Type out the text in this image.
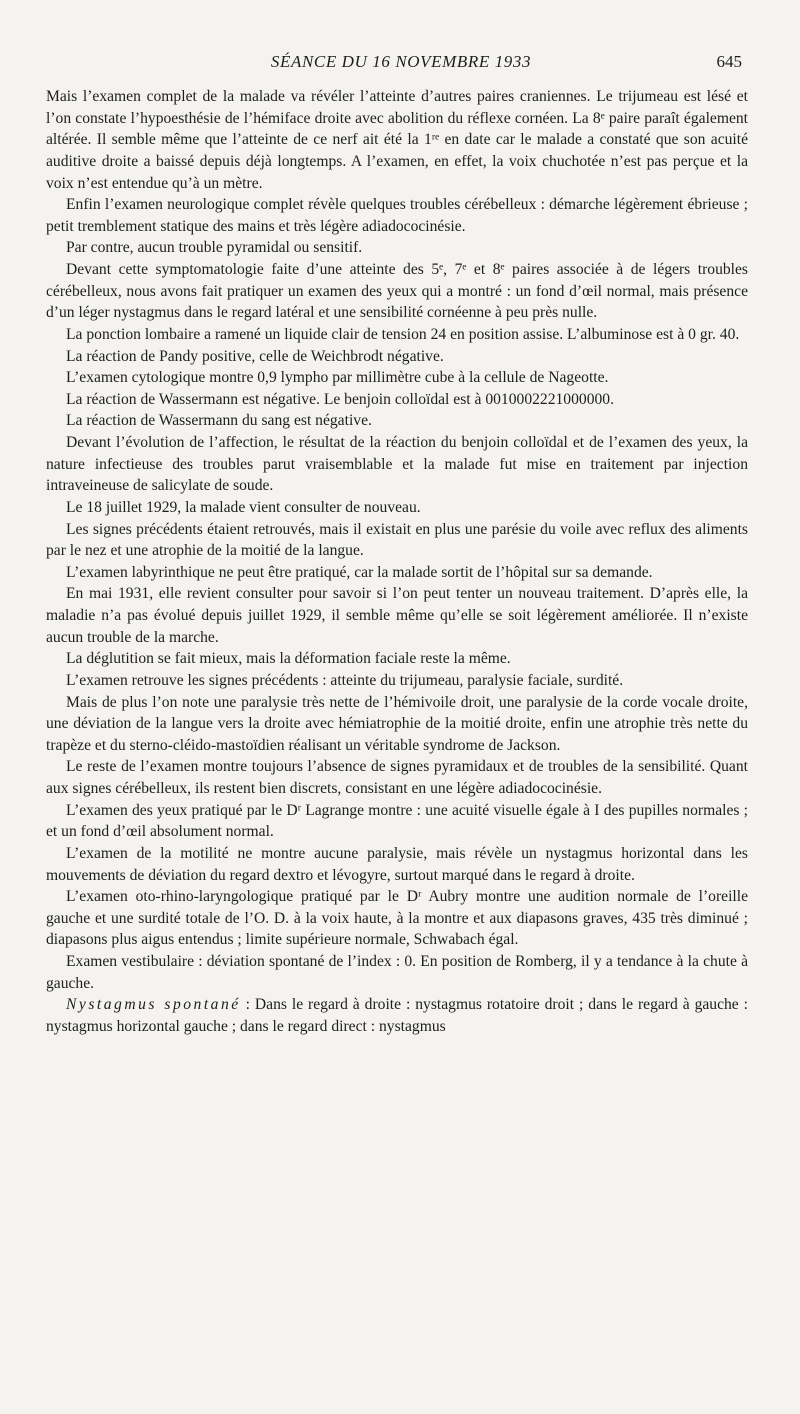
SÉANCE DU 16 NOVEMBRE 1933	645

Mais l’examen complet de la malade va révéler l’atteinte d’autres paires craniennes. Le trijumeau est lésé et l’on constate l’hypoesthésie de l’hémiface droite avec abolition du réflexe cornéen. La 8ᵉ paire paraît également altérée. Il semble même que l’atteinte de ce nerf ait été la 1ʳᵉ en date car le malade a constaté que son acuité auditive droite a baissé depuis déjà longtemps. A l’examen, en effet, la voix chuchotée n’est pas perçue et la voix n’est entendue qu’à un mètre.

Enfin l’examen neurologique complet révèle quelques troubles cérébelleux : démarche légèrement ébrieuse ; petit tremblement statique des mains et très légère adiadococinésie.

Par contre, aucun trouble pyramidal ou sensitif.

Devant cette symptomatologie faite d’une atteinte des 5ᵉ, 7ᵉ et 8ᵉ paires associée à de légers troubles cérébelleux, nous avons fait pratiquer un examen des yeux qui a montré : un fond d’œil normal, mais présence d’un léger nystagmus dans le regard latéral et une sensibilité cornéenne à peu près nulle.

La ponction lombaire a ramené un liquide clair de tension 24 en position assise. L’albuminose est à 0 gr. 40.

La réaction de Pandy positive, celle de Weichbrodt négative.

L’examen cytologique montre 0,9 lympho par millimètre cube à la cellule de Nageotte.

La réaction de Wassermann est négative. Le benjoin colloïdal est à 0010002221000000.

La réaction de Wassermann du sang est négative.

Devant l’évolution de l’affection, le résultat de la réaction du benjoin colloïdal et de l’examen des yeux, la nature infectieuse des troubles parut vraisemblable et la malade fut mise en traitement par injection intraveineuse de salicylate de soude.

Le 18 juillet 1929, la malade vient consulter de nouveau.

Les signes précédents étaient retrouvés, mais il existait en plus une parésie du voile avec reflux des aliments par le nez et une atrophie de la moitié de la langue.

L’examen labyrinthique ne peut être pratiqué, car la malade sortit de l’hôpital sur sa demande.

En mai 1931, elle revient consulter pour savoir si l’on peut tenter un nouveau traitement. D’après elle, la maladie n’a pas évolué depuis juillet 1929, il semble même qu’elle se soit légèrement améliorée. Il n’existe aucun trouble de la marche.

La déglutition se fait mieux, mais la déformation faciale reste la même.

L’examen retrouve les signes précédents : atteinte du trijumeau, paralysie faciale, surdité.

Mais de plus l’on note une paralysie très nette de l’hémivoile droit, une paralysie de la corde vocale droite, une déviation de la langue vers la droite avec hémiatrophie de la moitié droite, enfin une atrophie très nette du trapèze et du sterno-cléido-mastoïdien réalisant un véritable syndrome de Jackson.

Le reste de l’examen montre toujours l’absence de signes pyramidaux et de troubles de la sensibilité. Quant aux signes cérébelleux, ils restent bien discrets, consistant en une légère adiadococinésie.

L’examen des yeux pratiqué par le Dʳ Lagrange montre : une acuité visuelle égale à I des pupilles normales ; et un fond d’œil absolument normal.

L’examen de la motilité ne montre aucune paralysie, mais révèle un nystagmus horizontal dans les mouvements de déviation du regard dextro et lévogyre, surtout marqué dans le regard à droite.

L’examen oto-rhino-laryngologique pratiqué par le Dʳ Aubry montre une audition normale de l’oreille gauche et une surdité totale de l’O. D. à la voix haute, à la montre et aux diapasons graves, 435 très diminué ; diapasons plus aigus entendus ; limite supérieure normale, Schwabach égal.

Examen vestibulaire : déviation spontané de l’index : 0. En position de Romberg, il y a tendance à la chute à gauche.

Nystagmus spontané : Dans le regard à droite : nystagmus rotatoire droit ; dans le regard à gauche : nystagmus horizontal gauche ; dans le regard direct : nystagmus
